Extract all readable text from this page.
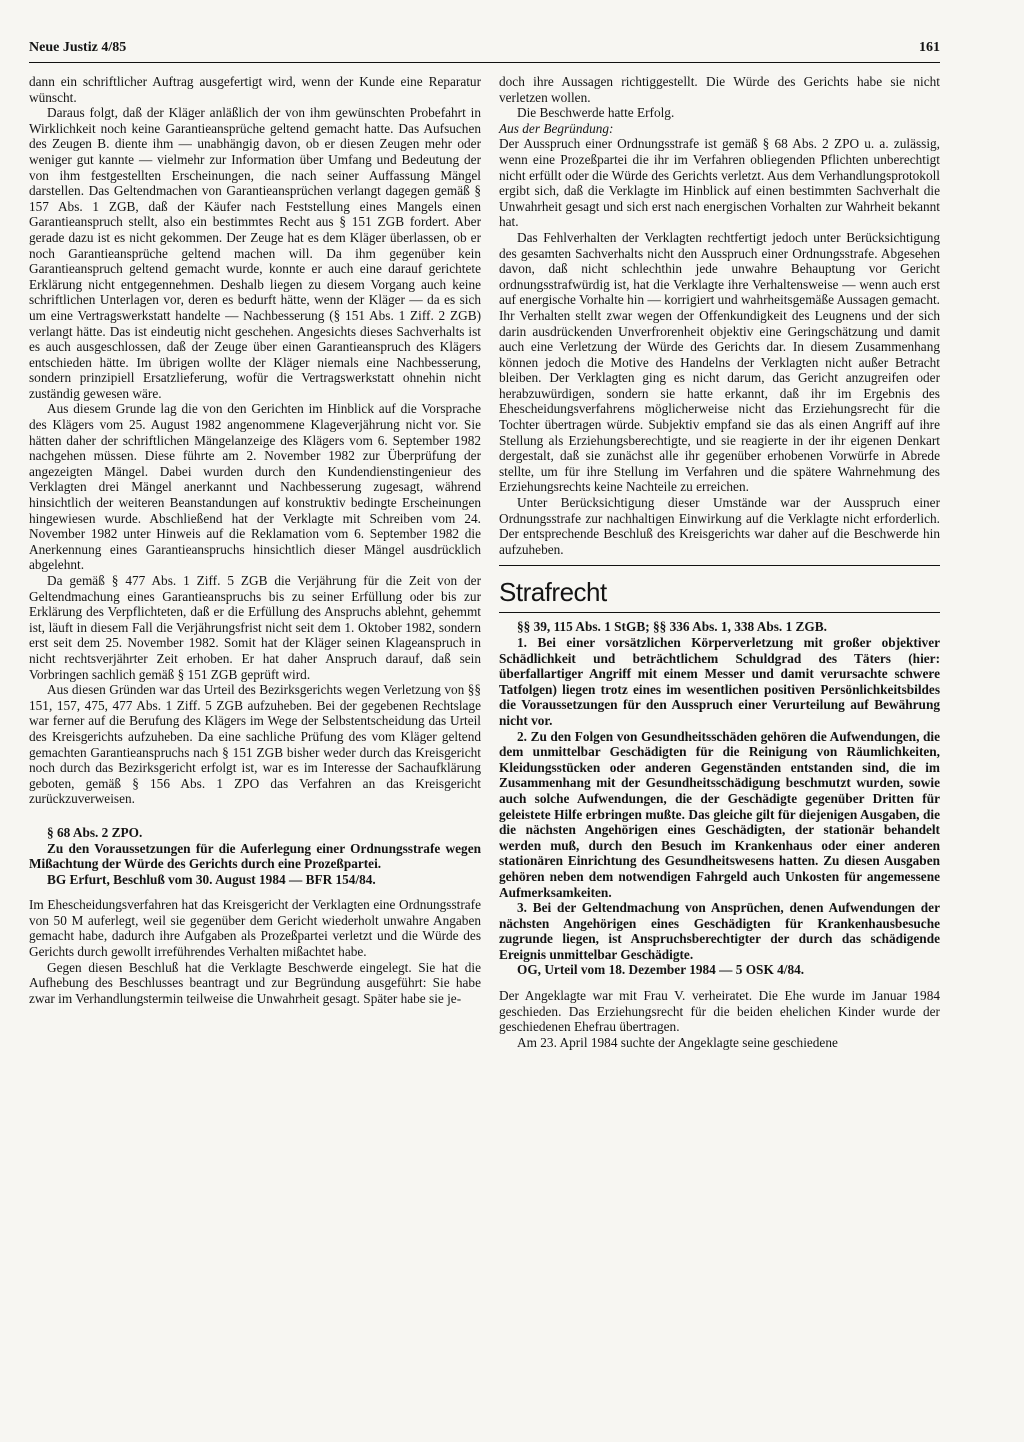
Neue Justiz 4/85	161

dann ein schriftlicher Auftrag ausgefertigt wird, wenn der Kunde eine Reparatur wünscht.

Daraus folgt, daß der Kläger anläßlich der von ihm gewünschten Probefahrt in Wirklichkeit noch keine Garantieansprüche geltend gemacht hatte. Das Aufsuchen des Zeugen B. diente ihm — unabhängig davon, ob er diesen Zeugen mehr oder weniger gut kannte — vielmehr zur Information über Umfang und Bedeutung der von ihm festgestellten Erscheinungen, die nach seiner Auffassung Mängel darstellen. Das Geltendmachen von Garantieansprüchen verlangt dagegen gemäß § 157 Abs. 1 ZGB, daß der Käufer nach Feststellung eines Mangels einen Garantieanspruch stellt, also ein bestimmtes Recht aus § 151 ZGB fordert. Aber gerade dazu ist es nicht gekommen. Der Zeuge hat es dem Kläger überlassen, ob er noch Garantieansprüche geltend machen will. Da ihm gegenüber kein Garantieanspruch geltend gemacht wurde, konnte er auch eine darauf gerichtete Erklärung nicht entgegennehmen. Deshalb liegen zu diesem Vorgang auch keine schriftlichen Unterlagen vor, deren es bedurft hätte, wenn der Kläger — da es sich um eine Vertragswerkstatt handelte — Nachbesserung (§ 151 Abs. 1 Ziff. 2 ZGB) verlangt hätte. Das ist eindeutig nicht geschehen. Angesichts dieses Sachverhalts ist es auch ausgeschlossen, daß der Zeuge über einen Garantieanspruch des Klägers entschieden hätte. Im übrigen wollte der Kläger niemals eine Nachbesserung, sondern prinzipiell Ersatzlieferung, wofür die Vertragswerkstatt ohnehin nicht zuständig gewesen wäre.

Aus diesem Grunde lag die von den Gerichten im Hinblick auf die Vorsprache des Klägers vom 25. August 1982 angenommene Klageverjährung nicht vor. Sie hätten daher der schriftlichen Mängelanzeige des Klägers vom 6. September 1982 nachgehen müssen. Diese führte am 2. November 1982 zur Überprüfung der angezeigten Mängel. Dabei wurden durch den Kundendienstingenieur des Verklagten drei Mängel anerkannt und Nachbesserung zugesagt, während hinsichtlich der weiteren Beanstandungen auf konstruktiv bedingte Erscheinungen hingewiesen wurde. Abschließend hat der Verklagte mit Schreiben vom 24. November 1982 unter Hinweis auf die Reklamation vom 6. September 1982 die Anerkennung eines Garantieanspruchs hinsichtlich dieser Mängel ausdrücklich abgelehnt.

Da gemäß § 477 Abs. 1 Ziff. 5 ZGB die Verjährung für die Zeit von der Geltendmachung eines Garantieanspruchs bis zu seiner Erfüllung oder bis zur Erklärung des Verpflichteten, daß er die Erfüllung des Anspruchs ablehnt, gehemmt ist, läuft in diesem Fall die Verjährungsfrist nicht seit dem 1. Oktober 1982, sondern erst seit dem 25. November 1982. Somit hat der Kläger seinen Klageanspruch in nicht rechtsverjährter Zeit erhoben. Er hat daher Anspruch darauf, daß sein Vorbringen sachlich gemäß § 151 ZGB geprüft wird.

Aus diesen Gründen war das Urteil des Bezirksgerichts wegen Verletzung von §§ 151, 157, 475, 477 Abs. 1 Ziff. 5 ZGB aufzuheben. Bei der gegebenen Rechtslage war ferner auf die Berufung des Klägers im Wege der Selbstentscheidung das Urteil des Kreisgerichts aufzuheben. Da eine sachliche Prüfung des vom Kläger geltend gemachten Garantieanspruchs nach § 151 ZGB bisher weder durch das Kreisgericht noch durch das Bezirksgericht erfolgt ist, war es im Interesse der Sachaufklärung geboten, gemäß § 156 Abs. 1 ZPO das Verfahren an das Kreisgericht zurückzuverweisen.

§ 68 Abs. 2 ZPO.

Zu den Voraussetzungen für die Auferlegung einer Ordnungsstrafe wegen Mißachtung der Würde des Gerichts durch eine Prozeßpartei.

BG Erfurt, Beschluß vom 30. August 1984 — BFR 154/84.

Im Ehescheidungsverfahren hat das Kreisgericht der Verklagten eine Ordnungsstrafe von 50 M auferlegt, weil sie gegenüber dem Gericht wiederholt unwahre Angaben gemacht habe, dadurch ihre Aufgaben als Prozeßpartei verletzt und die Würde des Gerichts durch gewollt irreführendes Verhalten mißachtet habe.

Gegen diesen Beschluß hat die Verklagte Beschwerde eingelegt. Sie hat die Aufhebung des Beschlusses beantragt und zur Begründung ausgeführt: Sie habe zwar im Verhandlungstermin teilweise die Unwahrheit gesagt. Später habe sie je-

doch ihre Aussagen richtiggestellt. Die Würde des Gerichts habe sie nicht verletzen wollen.

Die Beschwerde hatte Erfolg.

Aus der Begründung:

Der Ausspruch einer Ordnungsstrafe ist gemäß § 68 Abs. 2 ZPO u. a. zulässig, wenn eine Prozeßpartei die ihr im Verfahren obliegenden Pflichten unberechtigt nicht erfüllt oder die Würde des Gerichts verletzt. Aus dem Verhandlungsprotokoll ergibt sich, daß die Verklagte im Hinblick auf einen bestimmten Sachverhalt die Unwahrheit gesagt und sich erst nach energischen Vorhalten zur Wahrheit bekannt hat.

Das Fehlverhalten der Verklagten rechtfertigt jedoch unter Berücksichtigung des gesamten Sachverhalts nicht den Ausspruch einer Ordnungsstrafe. Abgesehen davon, daß nicht schlechthin jede unwahre Behauptung vor Gericht ordnungsstrafwürdig ist, hat die Verklagte ihre Verhaltensweise — wenn auch erst auf energische Vorhalte hin — korrigiert und wahrheitsgemäße Aussagen gemacht. Ihr Verhalten stellt zwar wegen der Offenkundigkeit des Leugnens und der sich darin ausdrückenden Unverfrorenheit objektiv eine Geringschätzung und damit auch eine Verletzung der Würde des Gerichts dar. In diesem Zusammenhang können jedoch die Motive des Handelns der Verklagten nicht außer Betracht bleiben. Der Verklagten ging es nicht darum, das Gericht anzugreifen oder herabzuwürdigen, sondern sie hatte erkannt, daß ihr im Ergebnis des Ehescheidungsverfahrens möglicherweise nicht das Erziehungsrecht für die Tochter übertragen würde. Subjektiv empfand sie das als einen Angriff auf ihre Stellung als Erziehungsberechtigte, und sie reagierte in der ihr eigenen Denkart dergestalt, daß sie zunächst alle ihr gegenüber erhobenen Vorwürfe in Abrede stellte, um für ihre Stellung im Verfahren und die spätere Wahrnehmung des Erziehungsrechts keine Nachteile zu erreichen.

Unter Berücksichtigung dieser Umstände war der Ausspruch einer Ordnungsstrafe zur nachhaltigen Einwirkung auf die Verklagte nicht erforderlich. Der entsprechende Beschluß des Kreisgerichts war daher auf die Beschwerde hin aufzuheben.

Strafrecht

§§ 39, 115 Abs. 1 StGB; §§ 336 Abs. 1, 338 Abs. 1 ZGB.

1. Bei einer vorsätzlichen Körperverletzung mit großer objektiver Schädlichkeit und beträchtlichem Schuldgrad des Täters (hier: überfallartiger Angriff mit einem Messer und damit verursachte schwere Tatfolgen) liegen trotz eines im wesentlichen positiven Persönlichkeitsbildes die Voraussetzungen für den Ausspruch einer Verurteilung auf Bewährung nicht vor.

2. Zu den Folgen von Gesundheitsschäden gehören die Aufwendungen, die dem unmittelbar Geschädigten für die Reinigung von Räumlichkeiten, Kleidungsstücken oder anderen Gegenständen entstanden sind, die im Zusammenhang mit der Gesundheitsschädigung beschmutzt wurden, sowie auch solche Aufwendungen, die der Geschädigte gegenüber Dritten für geleistete Hilfe erbringen mußte. Das gleiche gilt für diejenigen Ausgaben, die die nächsten Angehörigen eines Geschädigten, der stationär behandelt werden muß, durch den Besuch im Krankenhaus oder einer anderen stationären Einrichtung des Gesundheitswesens hatten. Zu diesen Ausgaben gehören neben dem notwendigen Fahrgeld auch Unkosten für angemessene Aufmerksamkeiten.

3. Bei der Geltendmachung von Ansprüchen, denen Aufwendungen der nächsten Angehörigen eines Geschädigten für Krankenhausbesuche zugrunde liegen, ist Anspruchsberechtigter der durch das schädigende Ereignis unmittelbar Geschädigte.

OG, Urteil vom 18. Dezember 1984 — 5 OSK 4/84.

Der Angeklagte war mit Frau V. verheiratet. Die Ehe wurde im Januar 1984 geschieden. Das Erziehungsrecht für die beiden ehelichen Kinder wurde der geschiedenen Ehefrau übertragen.

Am 23. April 1984 suchte der Angeklagte seine geschiedene
